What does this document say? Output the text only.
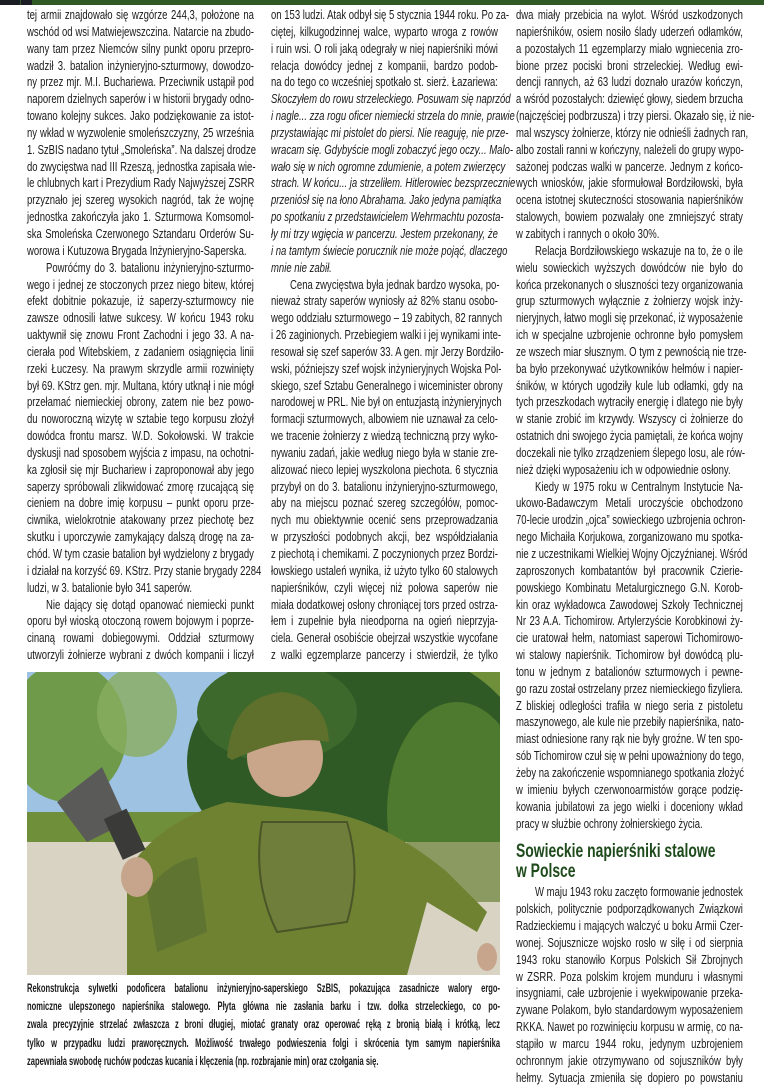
tej armii znajdowało się wzgórze 244,3, położone na
wschód od wsi Matwiejewszczina. Natarcie na zbudo-
wany tam przez Niemców silny punkt oporu przepro-
wadził 3. batalion inżynieryjno-szturmowy, dowodzo-
ny przez mjr. M.I. Buchariewa. Przeciwnik ustąpił pod
naporem dzielnych saperów i w historii brygady odno-
towano kolejny sukces. Jako podziękowanie za istot-
ny wkład w wyzwolenie smoleńszczyzny, 25 września
1. SzBIS nadano tytuł „Smoleńska”. Na dalszej drodze
do zwycięstwa nad III Rzeszą, jednostka zapisała wie-
le chlubnych kart i Prezydium Rady Najwyższej ZSRR
przyznało jej szereg wysokich nagród, tak że wojnę
jednostka zakończyła jako 1. Szturmowa Komsomol-
ska Smoleńska Czerwonego Sztandaru Orderów Su-
worowa i Kutuzowa Brygada Inżynieryjno-Saperska.
Powróćmy do 3. batalionu inżynieryjno-szturmo-
wego i jednej ze stoczonych przez niego bitew, której
efekt dobitnie pokazuje, iż saperzy-szturmowcy nie
zawsze odnosili łatwe sukcesy. W końcu 1943 roku
uaktywnił się znowu Front Zachodni i jego 33. A na-
cierała pod Witebskiem, z zadaniem osiągnięcia linii
rzeki Łuczesy. Na prawym skrzydle armii rozwinięty
był 69. KStrz gen. mjr. Multana, który utknął i nie mógł
przełamać niemieckiej obrony, zatem nie bez powo-
du noworoczną wizytę w sztabie tego korpusu złożył
dowódca frontu marsz. W.D. Sokołowski. W trakcie
dyskusji nad sposobem wyjścia z impasu, na ochotni-
ka zgłosił się mjr Buchariew i zaproponował aby jego
saperzy spróbowali zlikwidować zmorę rzucającą się
cieniem na dobre imię korpusu – punkt oporu prze-
ciwnika, wielokrotnie atakowany przez piechotę bez
skutku i uporczywie zamykający dalszą drogę na za-
chód. W tym czasie batalion był wydzielony z brygady
i działał na korzyść 69. KStrz. Przy stanie brygady 2284
ludzi, w 3. batalionie było 341 saperów.
Nie dający się dotąd opanować niemiecki punkt
oporu był wioską otoczoną rowem bojowym i poprze-
cinaną rowami dobiegowymi. Oddział szturmowy
utworzyli żołnierze wybrani z dwóch kompanii i liczył
on 153 ludzi. Atak odbył się 5 stycznia 1944 roku. Po za-
ciętej, kilkugodzinnej walce, wyparto wroga z rowów
i ruin wsi. O roli jaką odegrały w niej napierśniki mówi
relacja dowódcy jednej z kompanii, bardzo podob-
na do tego co wcześniej spotkało st. sierż. Łazariewa:
Skoczyłem do rowu strzeleckiego. Posuwam się naprzód
i nagle... zza rogu oficer niemiecki strzela do mnie, prawie
przystawiając mi pistolet do piersi. Nie reaguję, nie prze-
wracam się. Gdybyście mogli zobaczyć jego oczy... Malo-
wało się w nich ogromne zdumienie, a potem zwierzęcy
strach. W końcu... ja strzeliłem. Hitlerowiec bezsprzecznie
przeniósł się na łono Abrahama. Jako jedyna pamiątka
po spotkaniu z przedstawicielem Wehrmachtu pozosta-
ły mi trzy wgięcia w pancerzu. Jestem przekonany, że
i na tamtym świecie porucznik nie może pojąć, dlaczego
mnie nie zabił.
Cena zwycięstwa była jednak bardzo wysoka, po-
nieważ straty saperów wyniosły aż 82% stanu osobo-
wego oddziału szturmowego – 19 zabitych, 82 rannych
i 26 zaginionych. Przebiegiem walki i jej wynikami inte-
resował się szef saperów 33. A gen. mjr Jerzy Bordziło-
wski, późniejszy szef wojsk inżynieryjnych Wojska Pol-
skiego, szef Sztabu Generalnego i wiceminister obrony
narodowej w PRL. Nie był on entuzjastą inżynieryjnych
formacji szturmowych, albowiem nie uznawał za celo-
we tracenie żołnierzy z wiedzą techniczną przy wyko-
nywaniu zadań, jakie według niego była w stanie zre-
alizować nieco lepiej wyszkolona piechota. 6 stycznia
przybył on do 3. batalionu inżynieryjno-szturmowego,
aby na miejscu poznać szereg szczegółów, pomoc-
nych mu obiektywnie ocenić sens przeprowadzania
w przyszłości podobnych akcji, bez współdziałania
z piechotą i chemikami. Z poczynionych przez Bordzi-
łowskiego ustaleń wynika, iż użyto tylko 60 stalowych
napierśników, czyli więcej niż połowa saperów nie
miała dodatkowej osłony chroniącej tors przed ostrza-
łem i zupełnie była nieodporna na ogień nieprzyja-
ciela. Generał osobiście obejrzał wszystkie wycofane
z walki egzemplarze pancerzy i stwierdził, że tylko
dwa miały przebicia na wylot. Wśród uszkodzonych
napierśników, osiem nosiło ślady uderzeń odłamków,
a pozostałych 11 egzemplarzy miało wgniecenia zro-
bione przez pociski broni strzeleckiej. Według ewi-
dencji rannych, aż 63 ludzi doznało urazów kończyn,
a wśród pozostałych: dziewięć głowy, siedem brzucha
(najczęściej podbrzusza) i trzy piersi. Okazało się, iż nie-
mal wszyscy żołnierze, którzy nie odnieśli żadnych ran,
albo zostali ranni w kończyny, należeli do grupy wypo-
sażonej podczas walki w pancerze. Jednym z końco-
wych wniosków, jakie sformułował Bordziłowski, była
ocena istotnej skuteczności stosowania napierśników
stalowych, bowiem pozwalały one zmniejszyć straty
w zabitych i rannych o około 30%.
Relacja Bordziłowskiego wskazuje na to, że o ile
wielu sowieckich wyższych dowódców nie było do
końca przekonanych o słuszności tezy organizowania
grup szturmowych wyłącznie z żołnierzy wojsk inży-
nieryjnych, łatwo mogli się przekonać, iż wyposażenie
ich w specjalne uzbrojenie ochronne było pomysłem
ze wszech miar słusznym. O tym z pewnością nie trze-
ba było przekonywać użytkowników hełmów i napier-
śników, w których ugodziły kule lub odłamki, gdy na
tych przeszkodach wytraciły energię i dlatego nie były
w stanie zrobić im krzywdy. Wszyscy ci żołnierze do
ostatnich dni swojego życia pamiętali, że końca wojny
doczekali nie tylko zrządzeniem ślepego losu, ale rów-
nież dzięki wyposażeniu ich w odpowiednie osłony.
Kiedy w 1975 roku w Centralnym Instytucie Na-
ukowo-Badawczym Metali uroczyście obchodzono
70-lecie urodzin „ojca” sowieckiego uzbrojenia ochron-
nego Michaiła Korjukowa, zorganizowano mu spotka-
nie z uczestnikami Wielkiej Wojny Ojczyźnianej. Wśród
zaproszonych kombatantów był pracownik Czierie-
powskiego Kombinatu Metalurgicznego G.N. Korob-
kin oraz wykładowca Zawodowej Szkoły Technicznej
Nr 23 A.A. Tichomirow. Artylerzyście Korobkinowi ży-
cie uratował hełm, natomiast saperowi Tichomirowo-
wi stalowy napierśnik. Tichomirow był dowódcą plu-
tonu w jednym z batalionów szturmowych i pewne-
go razu został ostrzelany przez niemieckiego fizyliera.
Z bliskiej odległości trafiła w niego seria z pistoletu
maszynowego, ale kule nie przebiły napierśnika, nato-
miast odniesione rany rąk nie były groźne. W ten spo-
sób Tichomirow czuł się w pełni upoważniony do tego,
żeby na zakończenie wspomnianego spotkania złożyć
w imieniu byłych czerwonoarmistów gorące podzię-
kowania jubilatowi za jego wielki i doceniony wkład
pracy w służbie ochrony żołnierskiego życia.
Sowieckie napierśniki stalowe
w Polsce
W maju 1943 roku zaczęto formowanie jednostek
polskich, politycznie podporządkowanych Związkowi
Radzieckiemu i mających walczyć u boku Armii Czer-
wonej. Sojusznicze wojsko rosło w siłę i od sierpnia
1943 roku stanowiło Korpus Polskich Sił Zbrojnych
w ZSRR. Poza polskim krojem munduru i własnymi
insygniami, całe uzbrojenie i wyekwipowanie przeka-
zywane Polakom, było standardowym wyposażeniem
RKKA. Nawet po rozwinięciu korpusu w armię, co na-
stąpiło w marcu 1944 roku, jedynym uzbrojeniem
ochronnym jakie otrzymywano od sojuszników były
hełmy. Sytuacja zmieniła się dopiero po powstaniu
Rekonstrukcja sylwetki podoficera batalionu inżynieryjno-saperskiego SzBIS, pokazująca zasadnicze walory ergo-
nomiczne ulepszonego napierśnika stalowego. Płyta główna nie zasłania barku i tzw. dołka strzeleckiego, co po-
zwala precyzyjnie strzelać zwłaszcza z broni długiej, miotać granaty oraz operować ręką z bronią białą i krótką, lecz
tylko w przypadku ludzi praworęcznych. Możliwość trwałego podwieszenia folgi i skrócenia tym samym napierśnika
zapewniała swobodę ruchów podczas kucania i klęczenia (np. rozbrajanie min) oraz czołgania się.
